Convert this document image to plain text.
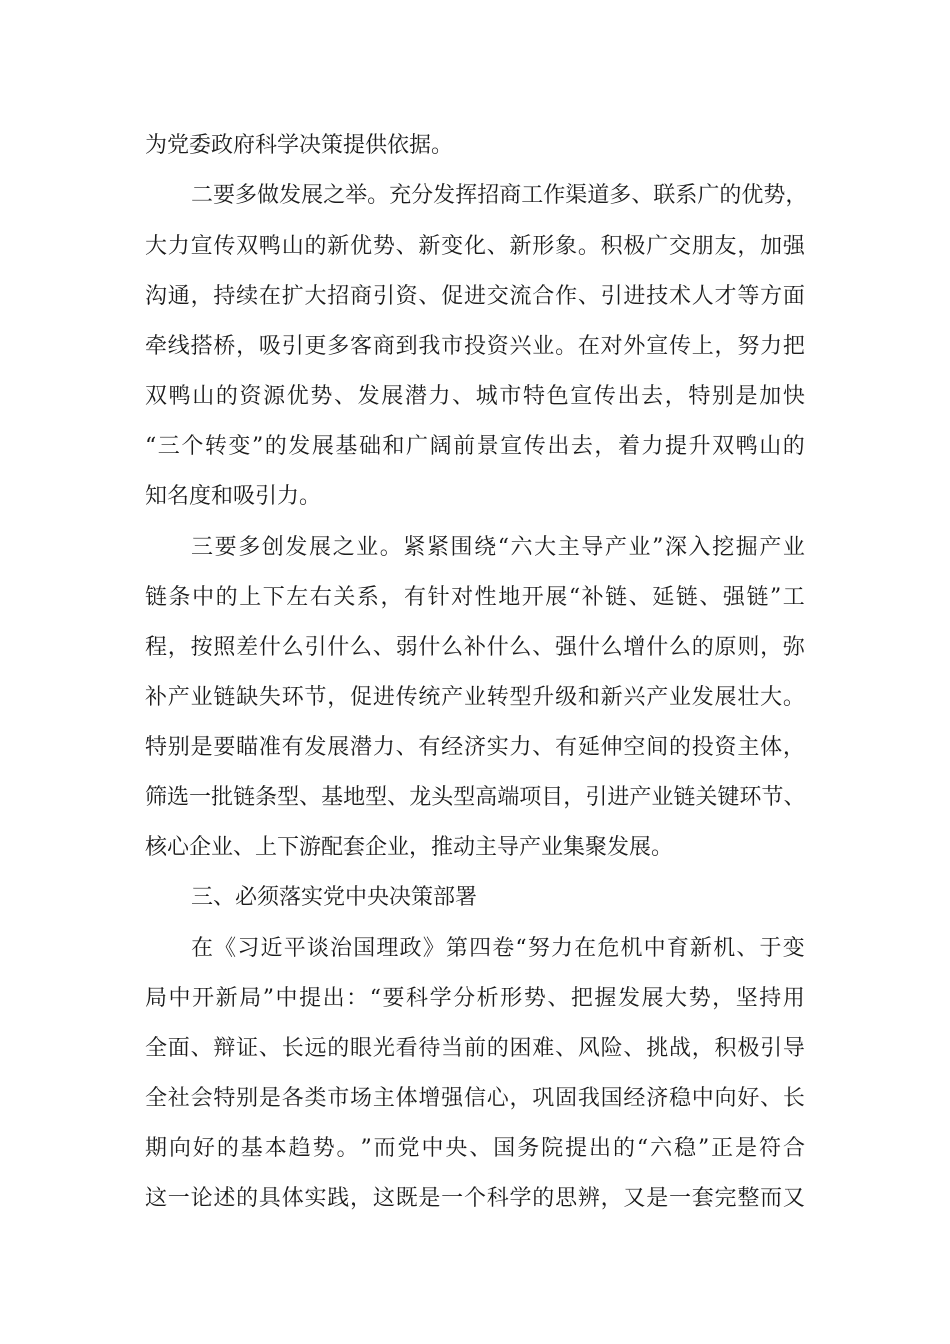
为党委政府科学决策提供依据。
二 要 多 做 发 展 之 举 。 充 分 发 挥 招 商 工 作 渠 道 多 、 联 系 广 的 优 势 ，
大 力 宣 传 双 鸭 山 的 新 优 势 、 新 变 化 、 新 形 象 。 积 极 广 交 朋 友 ， 加 强
沟 通 ， 持 续 在 扩 大 招 商 引 资 、 促 进 交 流 合 作 、 引 进 技 术 人 才 等 方 面
牵 线 搭 桥 ， 吸 引 更 多 客 商 到 我 市 投 资 兴 业 。 在 对 外 宣 传 上 ， 努 力 把
双 鸭 山 的 资 源 优 势 、 发 展 潜 力 、 城 市 特 色 宣 传 出 去 ， 特 别 是 加 快
“ 三 个 转 变 ” 的 发 展 基 础 和 广 阔 前 景 宣 传 出 去 ， 着 力 提 升 双 鸭 山 的
知名度和吸引力。
三 要 多 创 发 展 之 业 。 紧 紧 围 绕 “ 六 大 主 导 产 业 ” 深 入 挖 掘 产 业
链 条 中 的 上 下 左 右 关 系 ， 有 针 对 性 地 开 展 “ 补 链 、 延 链 、 强 链 ” 工
程 ， 按 照 差 什 么 引 什 么 、 弱 什 么 补 什 么 、 强 什 么 增 什 么 的 原 则 ， 弥
补 产 业 链 缺 失 环 节 ， 促 进 传 统 产 业 转 型 升 级 和 新 兴 产 业 发 展 壮 大 。
特 别 是 要 瞄 准 有 发 展 潜 力 、 有 经 济 实 力 、 有 延 伸 空 间 的 投 资 主 体 ，
筛 选 一 批 链 条 型 、 基 地 型 、 龙 头 型 高 端 项 目 ， 引 进 产 业 链 关 键 环 节 、
核心企业、上下游配套企业，推动主导产业集聚发展。
三、必须落实党中央决策部署
在 《 习 近 平 谈 治 国 理 政 》 第 四 卷 “ 努 力 在 危 机 中 育 新 机 、 于 变
局 中 开 新 局 ” 中 提 出 ： “ 要 科 学 分 析 形 势 、 把 握 发 展 大 势 ， 坚 持 用
全 面 、 辩 证 、 长 远 的 眼 光 看 待 当 前 的 困 难 、 风 险 、 挑 战 ， 积 极 引 导
全 社 会 特 别 是 各 类 市 场 主 体 增 强 信 心 ， 巩 固 我 国 经 济 稳 中 向 好 、 长
期 向 好 的 基 本 趋 势 。 ” 而 党 中 央 、 国 务 院 提 出 的 “ 六 稳 ” 正 是 符 合
这 一 论 述 的 具 体 实 践 ， 这 既 是 一 个 科 学 的 思 辨 ， 又 是 一 套 完 整 而 又
